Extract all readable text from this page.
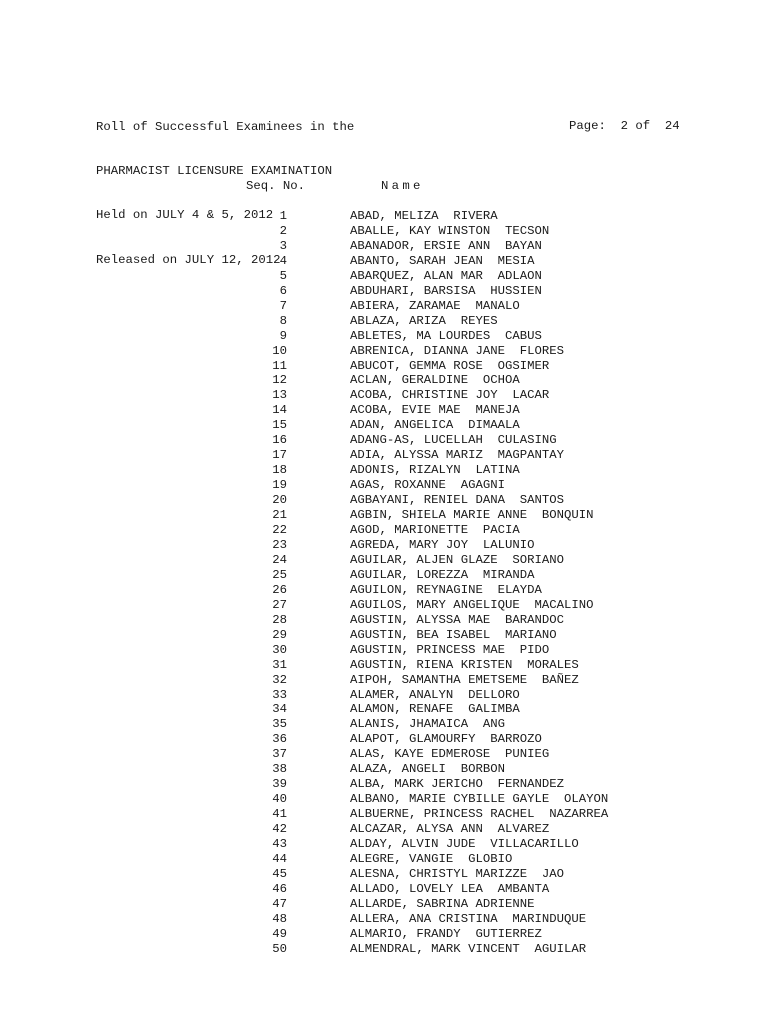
Roll of Successful Examinees in the

PHARMACIST LICENSURE EXAMINATION

Held on JULY 4 & 5, 2012

Released on JULY 12, 2012

Page:  2 of  24
Seq. No.	Name
1	ABAD, MELIZA  RIVERA
2	ABALLE, KAY WINSTON  TECSON
3	ABANADOR, ERSIE ANN  BAYAN
4	ABANTO, SARAH JEAN  MESIA
5	ABARQUEZ, ALAN MAR  ADLAON
6	ABDUHARI, BARSISA  HUSSIEN
7	ABIERA, ZARAMAE  MANALO
8	ABLAZA, ARIZA  REYES
9	ABLETES, MA LOURDES  CABUS
10	ABRENICA, DIANNA JANE  FLORES
11	ABUCOT, GEMMA ROSE  OGSIMER
12	ACLAN, GERALDINE  OCHOA
13	ACOBA, CHRISTINE JOY  LACAR
14	ACOBA, EVIE MAE  MANEJA
15	ADAN, ANGELICA  DIMAALA
16	ADANG-AS, LUCELLAH  CULASING
17	ADIA, ALYSSA MARIZ  MAGPANTAY
18	ADONIS, RIZALYN  LATINA
19	AGAS, ROXANNE  AGAGNI
20	AGBAYANI, RENIEL DANA  SANTOS
21	AGBIN, SHIELA MARIE ANNE  BONQUIN
22	AGOD, MARIONETTE  PACIA
23	AGREDA, MARY JOY  LALUNIO
24	AGUILAR, ALJEN GLAZE  SORIANO
25	AGUILAR, LOREZZA  MIRANDA
26	AGUILON, REYNAGINE  ELAYDA
27	AGUILOS, MARY ANGELIQUE  MACALINO
28	AGUSTIN, ALYSSA MAE  BARANDOC
29	AGUSTIN, BEA ISABEL  MARIANO
30	AGUSTIN, PRINCESS MAE  PIDO
31	AGUSTIN, RIENA KRISTEN  MORALES
32	AIPOH, SAMANTHA EMETSEME  BAÑEZ
33	ALAMER, ANALYN  DELLORO
34	ALAMON, RENAFE  GALIMBA
35	ALANIS, JHAMAICA  ANG
36	ALAPOT, GLAMOURFY  BARROZO
37	ALAS, KAYE EDMEROSE  PUNIEG
38	ALAZA, ANGELI  BORBON
39	ALBA, MARK JERICHO  FERNANDEZ
40	ALBANO, MARIE CYBILLE GAYLE  OLAYON
41	ALBUERNE, PRINCESS RACHEL  NAZARREA
42	ALCAZAR, ALYSA ANN  ALVAREZ
43	ALDAY, ALVIN JUDE  VILLACARILLO
44	ALEGRE, VANGIE  GLOBIO
45	ALESNA, CHRISTYL MARIZZE  JAO
46	ALLADO, LOVELY LEA  AMBANTA
47	ALLARDE, SABRINA ADRIENNE
48	ALLERA, ANA CRISTINA  MARINDUQUE
49	ALMARIO, FRANDY  GUTIERREZ
50	ALMENDRAL, MARK VINCENT  AGUILAR
